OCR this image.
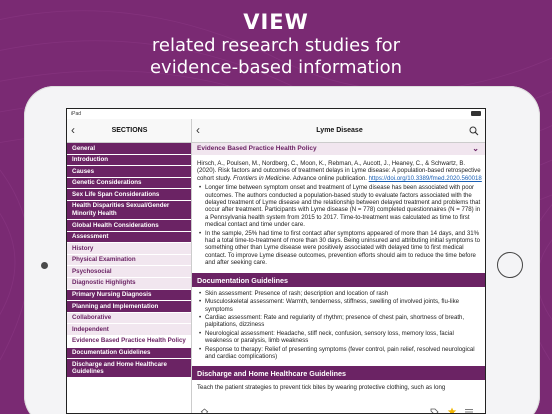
VIEW
related research studies for
evidence-based information
iPad
‹	SECTIONS
General
Introduction
Causes
Genetic Considerations
Sex Life Span Considerations
Health Disparities Sexual/Gender Minority Health
Global Health Considerations
Assessment
History
Physical Examination
Psychosocial
Diagnostic Highlights
Primary Nursing Diagnosis
Planning and Implementation
Collaborative
Independent
Evidence Based Practice Health Policy
Documentation Guidelines
Discharge and Home Healthcare Guidelines
‹	Lyme Disease
Evidence Based Practice Health Policy	⌄
Hirsch, A., Poulsen, M., Nordberg, C., Moon, K., Rebman, A., Aucott, J., Heaney, C., & Schwartz, B. (2020). Risk factors and outcomes of treatment delays in Lyme disease: A population-based retrospective cohort study. Frontiers in Medicine. Advance online publication. https://doi.org/10.3389/fmed.2020.560018
• Longer time between symptom onset and treatment of Lyme disease has been associated with poor outcomes. The authors conducted a population-based study to evaluate factors associated with the delayed treatment of Lyme disease and the relationship between delayed treatment and problems that occur after treatment. Participants with Lyme disease (N = 778) completed questionnaires (N = 778) in a Pennsylvania health system from 2015 to 2017. Time-to-treatment was calculated as time to first medical contact and time under care.
• In the sample, 25% had time to first contact after symptoms appeared of more than 14 days, and 31% had a total time-to-treatment of more than 30 days. Being uninsured and attributing initial symptoms to something other than Lyme disease were positively associated with delayed time to first medical contact. To improve Lyme disease outcomes, prevention efforts should aim to reduce the time before and after seeking care.
Documentation Guidelines
• Skin assessment: Presence of rash; description and location of rash
• Musculoskeletal assessment: Warmth, tenderness, stiffness, swelling of involved joints, flu-like symptoms
• Cardiac assessment: Rate and regularity of rhythm; presence of chest pain, shortness of breath, palpitations, dizziness
• Neurological assessment: Headache, stiff neck, confusion, sensory loss, memory loss, facial weakness or paralysis, limb weakness
• Response to therapy: Relief of presenting symptoms (fever control, pain relief, resolved neurological and cardiac complications)
Discharge and Home Healthcare Guidelines
Teach the patient strategies to prevent tick bites by wearing protective clothing, such as long
